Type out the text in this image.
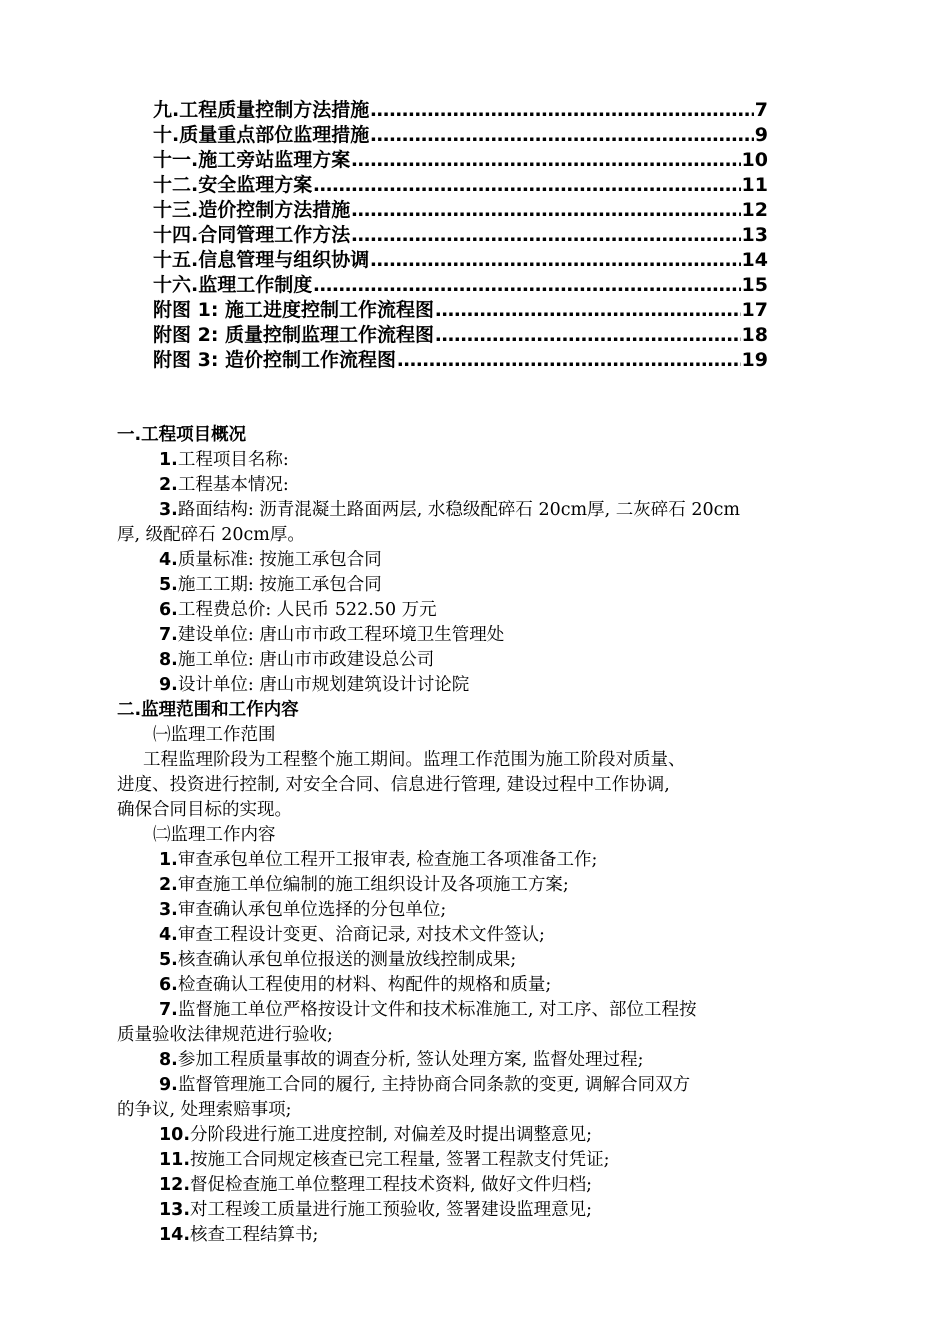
九.工程质量控制方法措施 …………………………………………………………………………………………………………………………………………………	7
十.质量重点部位监理措施 …………………………………………………………………………………………………………………………………………………	9
十一.施工旁站监理方案 …………………………………………………………………………………………………………………………………………………	10
十二.安全监理方案 …………………………………………………………………………………………………………………………………………………	11
十三.造价控制方法措施 …………………………………………………………………………………………………………………………………………………	12
十四.合同管理工作方法 …………………………………………………………………………………………………………………………………………………	13
十五.信息管理与组织协调 …………………………………………………………………………………………………………………………………………………	14
十六.监理工作制度 …………………………………………………………………………………………………………………………………………………	15
附图 1: 施工进度控制工作流程图 …………………………………………………………………………………………………………………………………………………	17
附图 2: 质量控制监理工作流程图 …………………………………………………………………………………………………………………………………………………	18
附图 3: 造价控制工作流程图 …………………………………………………………………………………………………………………………………………………	19
一.工程项目概况
1.工程项目名称:
2.工程基本情况:
3.路面结构: 沥青混凝土路面两层, 水稳级配碎石 20cm厚, 二灰碎石 20cm
厚, 级配碎石 20cm厚。
4.质量标准: 按施工承包合同
5.施工工期: 按施工承包合同
6.工程费总价: 人民币 522.50 万元
7.建设单位: 唐山市市政工程环境卫生管理处
8.施工单位: 唐山市市政建设总公司
9.设计单位: 唐山市规划建筑设计讨论院
二.监理范围和工作内容
㈠监理工作范围
工程监理阶段为工程整个施工期间。监理工作范围为施工阶段对质量、
进度、投资进行控制, 对安全合同、信息进行管理, 建设过程中工作协调,
确保合同目标的实现。
㈡监理工作内容
1.审查承包单位工程开工报审表, 检查施工各项准备工作;
2.审查施工单位编制的施工组织设计及各项施工方案;
3.审查确认承包单位选择的分包单位;
4.审查工程设计变更、洽商记录, 对技术文件签认;
5.核查确认承包单位报送的测量放线控制成果;
6.检查确认工程使用的材料、构配件的规格和质量;
7.监督施工单位严格按设计文件和技术标准施工, 对工序、部位工程按
质量验收法律规范进行验收;
8.参加工程质量事故的调查分析, 签认处理方案, 监督处理过程;
9.监督管理施工合同的履行, 主持协商合同条款的变更, 调解合同双方
的争议, 处理索赔事项;
10.分阶段进行施工进度控制, 对偏差及时提出调整意见;
11.按施工合同规定核查已完工程量, 签署工程款支付凭证;
12.督促检查施工单位整理工程技术资料, 做好文件归档;
13.对工程竣工质量进行施工预验收, 签署建设监理意见;
14.核查工程结算书;
